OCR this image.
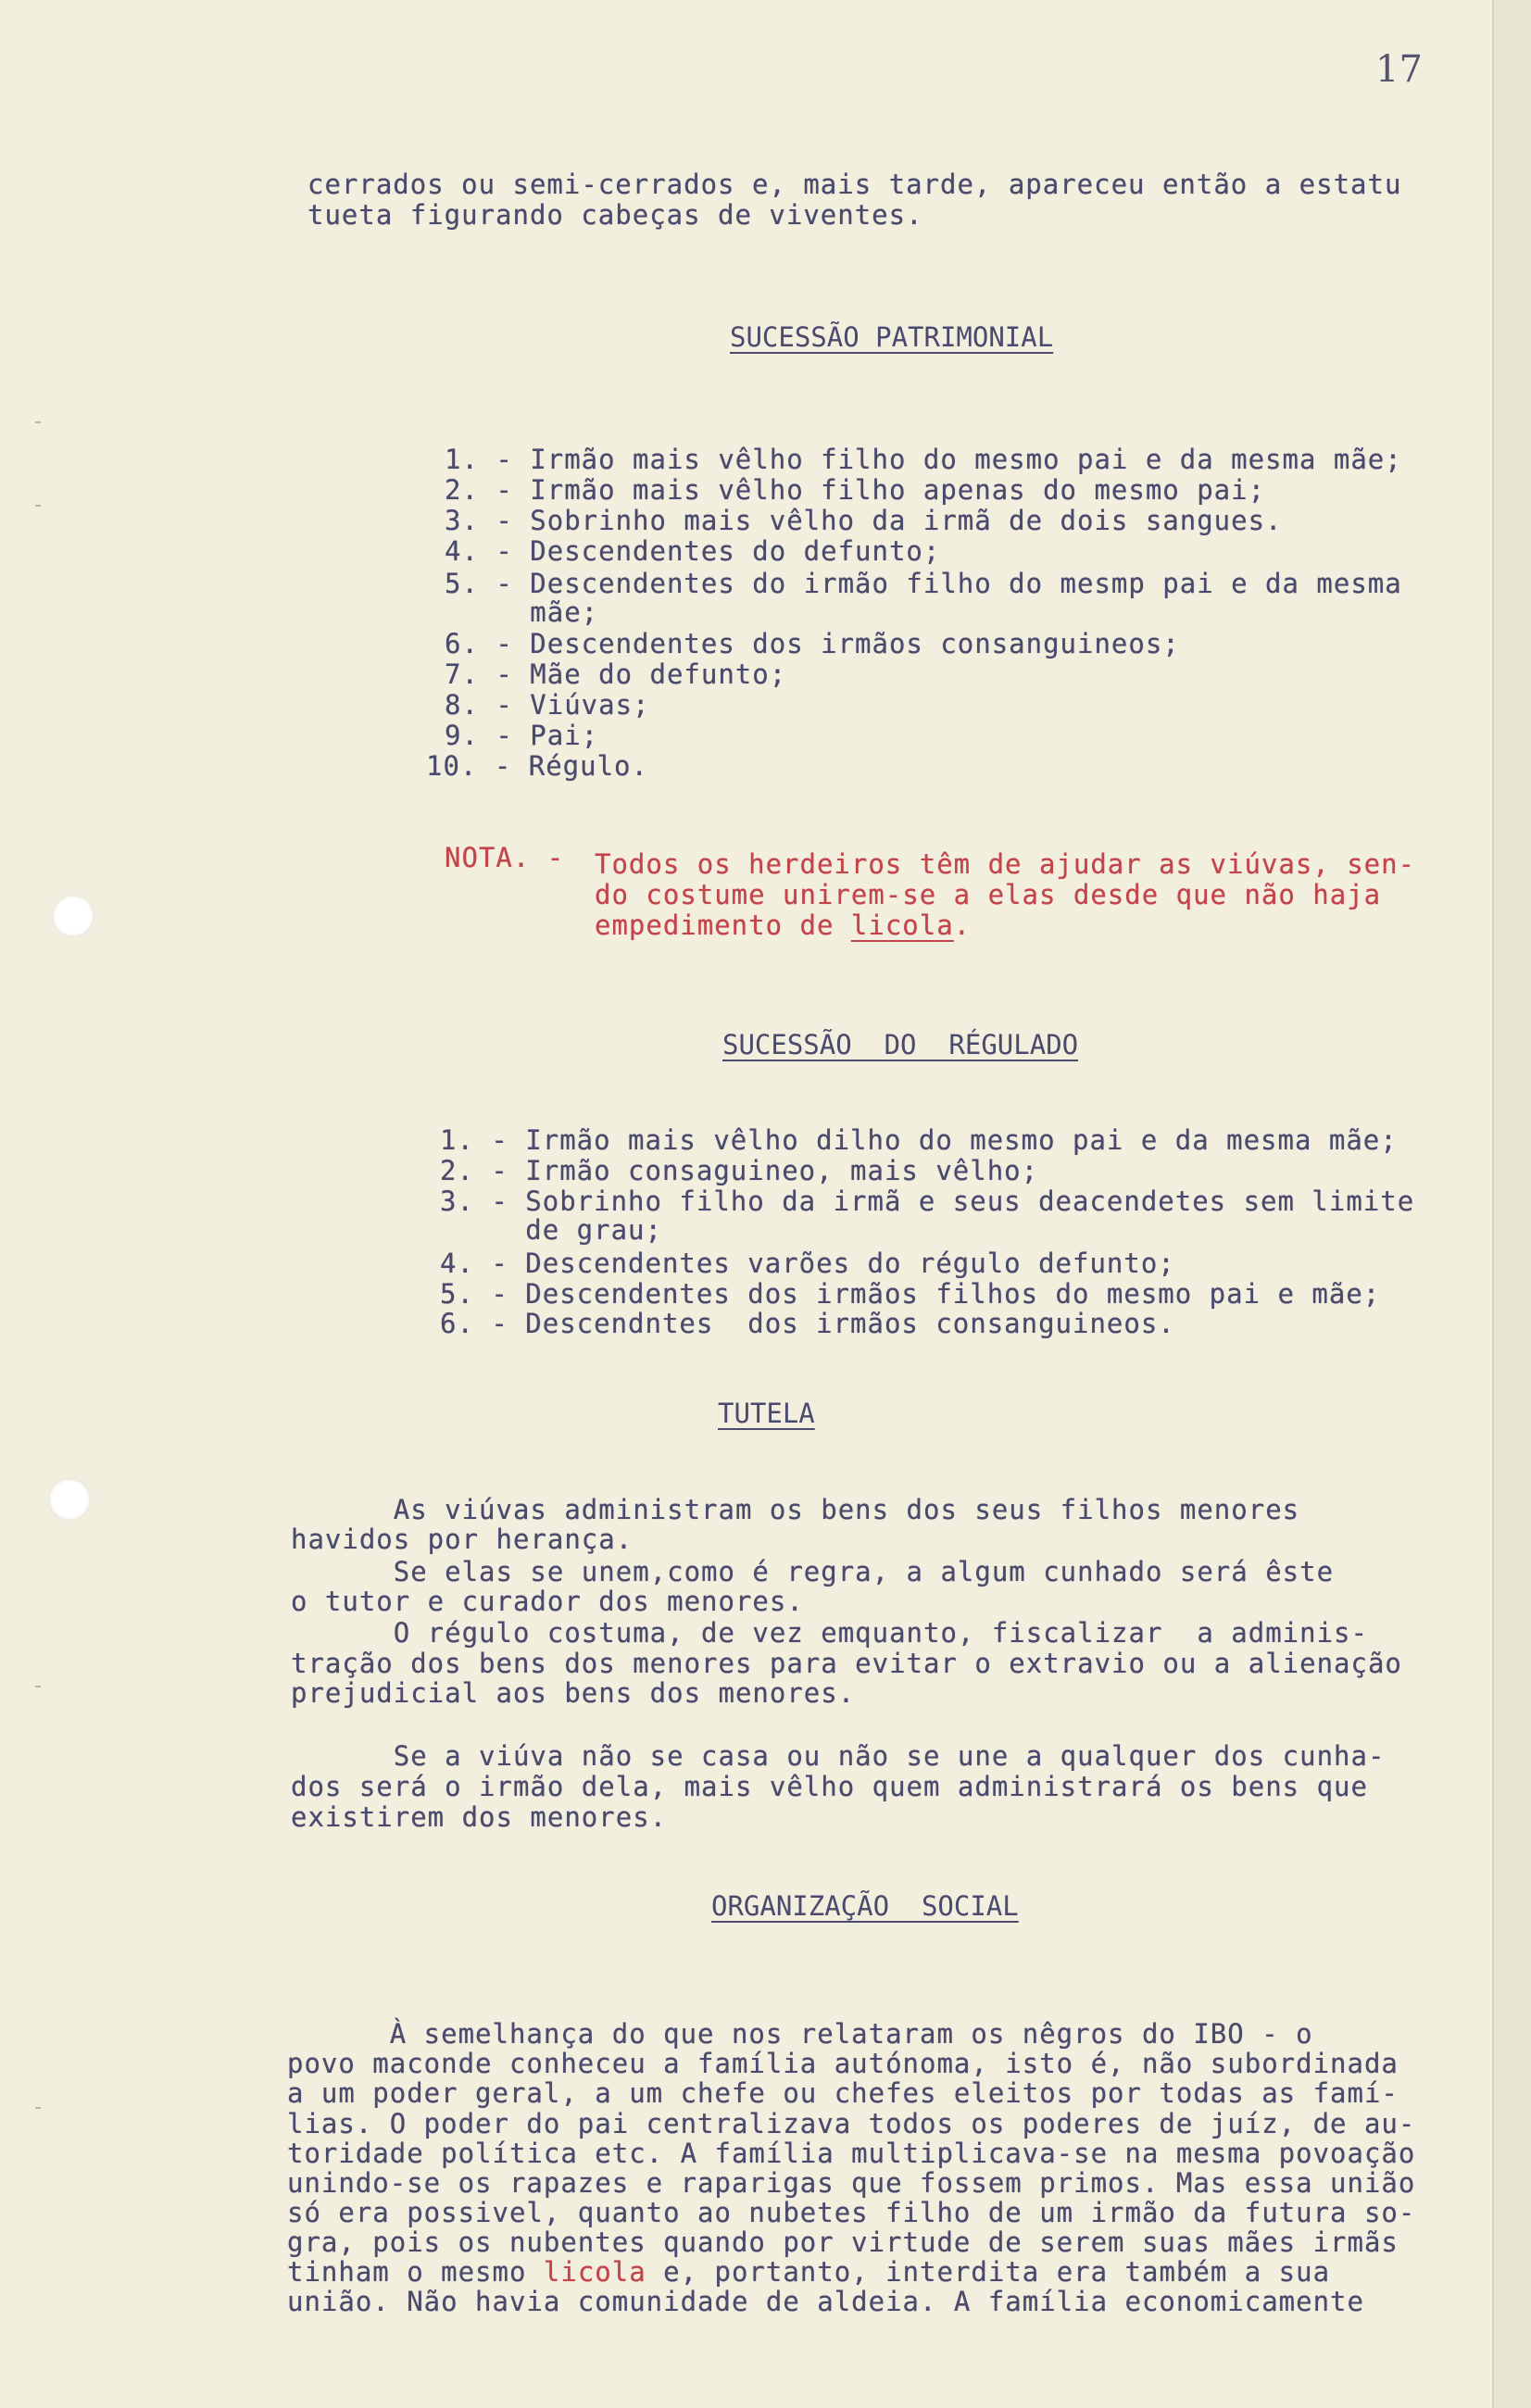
17

cerrados ou semi-cerrados e, mais tarde, apareceu então a estatu

tueta figurando cabeças de viventes.

SUCESSÃO PATRIMONIAL

1. - Irmão mais vêlho filho do mesmo pai e da mesma mãe;

2. - Irmão mais vêlho filho apenas do mesmo pai;

3. - Sobrinho mais vêlho da irmã de dois sangues.

4. - Descendentes do defunto;

5. - Descendentes do irmão filho do mesmp pai e da mesma

mãe;

6. - Descendentes dos irmãos consanguineos;

7. - Mãe do defunto;

8. - Viúvas;

9. - Pai;

10. - Régulo.

NOTA. - Todos os herdeiros têm de ajudar as viúvas, sen-

do costume unirem-se a elas desde que não haja

empedimento de licola.

SUCESSÃO  DO  RÉGULADO

1. - Irmão mais vêlho dilho do mesmo pai e da mesma mãe;

2. - Irmão consaguineo, mais vêlho;

3. - Sobrinho filho da irmã e seus deacendetes sem limite

de grau;

4. - Descendentes varões do régulo defunto;

5. - Descendentes dos irmãos filhos do mesmo pai e mãe;

6. - Descendntes  dos irmãos consanguineos.

TUTELA

As viúvas administram os bens dos seus filhos menores

havidos por herança.

Se elas se unem,como é regra, a algum cunhado será êste

o tutor e curador dos menores.

O régulo costuma, de vez emquanto, fiscalizar  a adminis-

tração dos bens dos menores para evitar o extravio ou a alienação

prejudicial aos bens dos menores.

Se a viúva não se casa ou não se une a qualquer dos cunha-

dos será o irmão dela, mais vêlho quem administrará os bens que

existirem dos menores.

ORGANIZAÇÃO  SOCIAL

À semelhança do que nos relataram os nêgros do IBO - o

povo maconde conheceu a família autónoma, isto é, não subordinada

a um poder geral, a um chefe ou chefes eleitos por todas as famí-

lias. O poder do pai centralizava todos os poderes de juíz, de au-

toridade política etc. A família multiplicava-se na mesma povoação

unindo-se os rapazes e raparigas que fossem primos. Mas essa união

só era possivel, quanto ao nubetes filho de um irmão da futura so-

gra, pois os nubentes quando por virtude de serem suas mães irmãs

tinham o mesmo licola e, portanto, interdita era também a sua

união. Não havia comunidade de aldeia. A família economicamente
